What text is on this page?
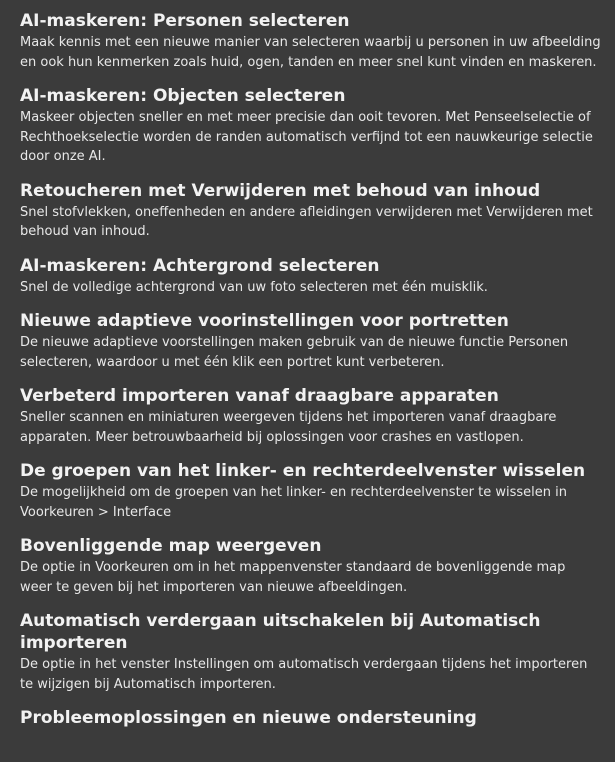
AI-maskeren: Personen selecteren

Maak kennis met een nieuwe manier van selecteren waarbij u personen in uw afbeelding en ook hun kenmerken zoals huid, ogen, tanden en meer snel kunt vinden en maskeren.

AI-maskeren: Objecten selecteren

Maskeer objecten sneller en met meer precisie dan ooit tevoren. Met Penseelselectie of Rechthoekselectie worden de randen automatisch verfijnd tot een nauwkeurige selectie door onze AI.

Retoucheren met Verwijderen met behoud van inhoud

Snel stofvlekken, oneffenheden en andere afleidingen verwijderen met Verwijderen met behoud van inhoud.

AI-maskeren: Achtergrond selecteren

Snel de volledige achtergrond van uw foto selecteren met één muisklik.

Nieuwe adaptieve voorinstellingen voor portretten

De nieuwe adaptieve voorstellingen maken gebruik van de nieuwe functie Personen selecteren, waardoor u met één klik een portret kunt verbeteren.

Verbeterd importeren vanaf draagbare apparaten

Sneller scannen en miniaturen weergeven tijdens het importeren vanaf draagbare apparaten. Meer betrouwbaarheid bij oplossingen voor crashes en vastlopen.

De groepen van het linker- en rechterdeelvenster wisselen

De mogelijkheid om de groepen van het linker- en rechterdeelvenster te wisselen in Voorkeuren > Interface

Bovenliggende map weergeven

De optie in Voorkeuren om in het mappenvenster standaard de bovenliggende map weer te geven bij het importeren van nieuwe afbeeldingen.

Automatisch verdergaan uitschakelen bij Automatisch importeren

De optie in het venster Instellingen om automatisch verdergaan tijdens het importeren te wijzigen bij Automatisch importeren.

Probleemoplossingen en nieuwe ondersteuning
